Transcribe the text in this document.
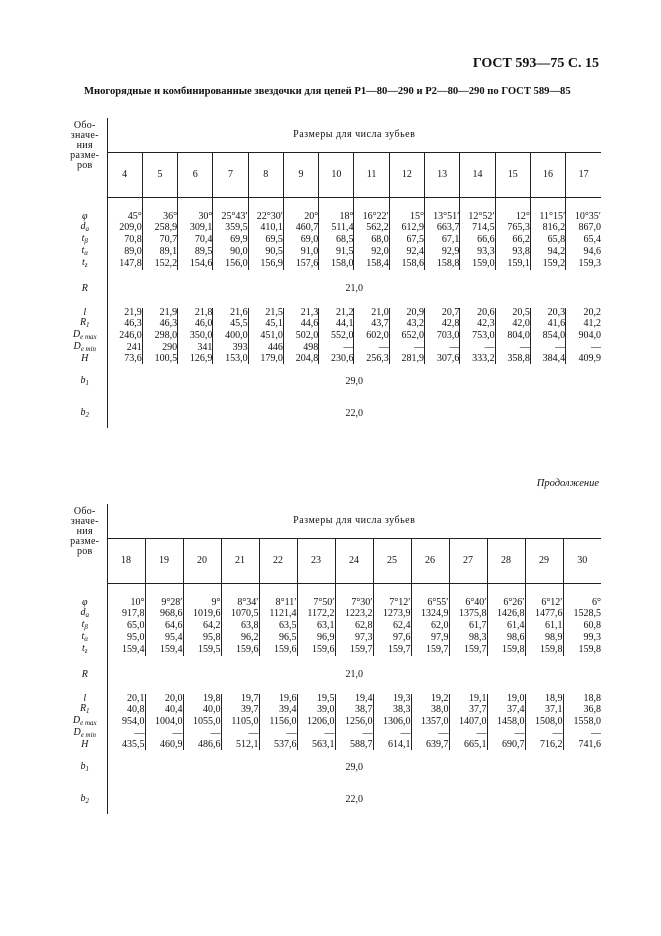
ГОСТ 593—75 С. 15
Многорядные и комбинированные звездочки для цепей Р1—80—290 и Р2—80—290 по ГОСТ 589—85
Обо-
значе-
ния
разме-
ров	Размеры для числа зубьев													
	4	5	6	7	8	9	10	11	12	13	14	15	16	17

φ	45°	36°	30°	25°43′	22°30′	20°	18°	16°22′	15°	13°51′	12°52′	12°	11°15′	10°35′
$d_a$	209,0	258,9	309,1	359,5	410,1	460,7	511,4	562,2	612,9	663,7	714,5	765,3	816,2	867,0
$t_\beta$	70,8	70,7	70,4	69,9	69,5	69,0	68,5	68,0	67,5	67,1	66,6	66,2	65,8	65,4
$t_\alpha$	89,0	89,1	89,5	90,0	90,5	91,0	91,5	92,0	92,4	92,9	93,3	93,8	94,2	94,6
$t_z$	147,8	152,2	154,6	156,0	156,9	157,6	158,0	158,4	158,6	158,8	159,0	159,1	159,2	159,3
R	21,0													
l	21,9	21,9	21,8	21,6	21,5	21,3	21,2	21,0	20,9	20,7	20,6	20,5	20,3	20,2
$R_1$	46,3	46,3	46,0	45,5	45,1	44,6	44,1	43,7	43,2	42,8	42,3	42,0	41,6	41,2
$D_{e max}$	246,0	298,0	350,0	400,0	451,0	502,0	552,0	602,0	652,0	703,0	753,0	804,0	854,0	904,0
$D_{e min}$	241	290	341	393	446	498	—	—	—	—	—	—	—	—
H	73,6	100,5	126,9	153,0	179,0	204,8	230,6	256,3	281,9	307,6	333,2	358,8	384,4	409,9
$b_1$	29,0													
$b_2$	22,0													
Продолжение
Обо-
значе-
ния
разме-
ров	Размеры для числа зубьев												
	18	19	20	21	22	23	24	25	26	27	28	29	30

φ	10°	9°28′	9°	8°34′	8°11′	7°50′	7°30′	7°12′	6°55′	6°40′	6°26′	6°12′	6°
$d_a$	917,8	968,6	1019,6	1070,5	1121,4	1172,2	1223,2	1273,9	1324,9	1375,8	1426,8	1477,6	1528,5
$t_\beta$	65,0	64,6	64,2	63,8	63,5	63,1	62,8	62,4	62,0	61,7	61,4	61,1	60,8
$t_\alpha$	95,0	95,4	95,8	96,2	96,5	96,9	97,3	97,6	97,9	98,3	98,6	98,9	99,3
$t_z$	159,4	159,4	159,5	159,6	159,6	159,6	159,7	159,7	159,7	159,7	159,8	159,8	159,8
R	21,0												
l	20,1	20,0	19,8	19,7	19,6	19,5	19,4	19,3	19,2	19,1	19,0	18,9	18,8
$R_1$	40,8	40,4	40,0	39,7	39,4	39,0	38,7	38,3	38,0	37,7	37,4	37,1	36,8
$D_{e max}$	954,0	1004,0	1055,0	1105,0	1156,0	1206,0	1256,0	1306,0	1357,0	1407,0	1458,0	1508,0	1558,0
$D_{e min}$	—	—	—	—	—	—	—	—	—	—	—	—	—
H	435,5	460,9	486,6	512,1	537,6	563,1	588,7	614,1	639,7	665,1	690,7	716,2	741,6
$b_1$	29,0												
$b_2$	22,0												
